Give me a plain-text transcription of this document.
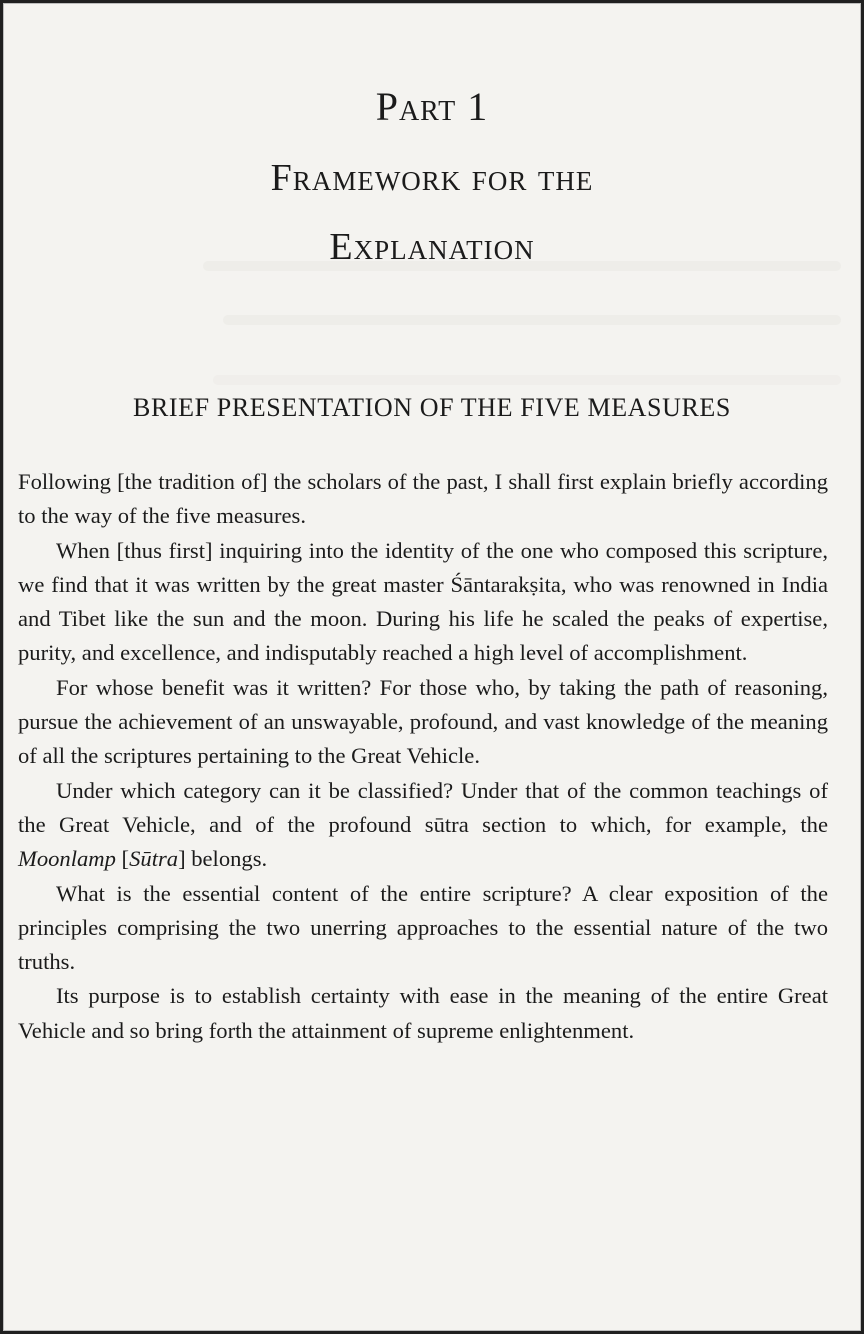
Part 1
Framework for the
Explanation
BRIEF PRESENTATION OF THE FIVE MEASURES

Following [the tradition of] the scholars of the past, I shall first explain briefly according to the way of the five measures.

When [thus first] inquiring into the identity of the one who composed this scripture, we find that it was written by the great master Śāntarakṣita, who was renowned in India and Tibet like the sun and the moon. During his life he scaled the peaks of expertise, purity, and excellence, and indisputably reached a high level of accomplishment.

For whose benefit was it written? For those who, by taking the path of reasoning, pursue the achievement of an unswayable, profound, and vast knowledge of the meaning of all the scriptures pertaining to the Great Vehicle.

Under which category can it be classified? Under that of the common teachings of the Great Vehicle, and of the profound sūtra section to which, for example, the Moonlamp [Sūtra] belongs.

What is the essential content of the entire scripture? A clear exposition of the principles comprising the two unerring approaches to the essential nature of the two truths.

Its purpose is to establish certainty with ease in the meaning of the entire Great Vehicle and so bring forth the attainment of supreme enlightenment.
